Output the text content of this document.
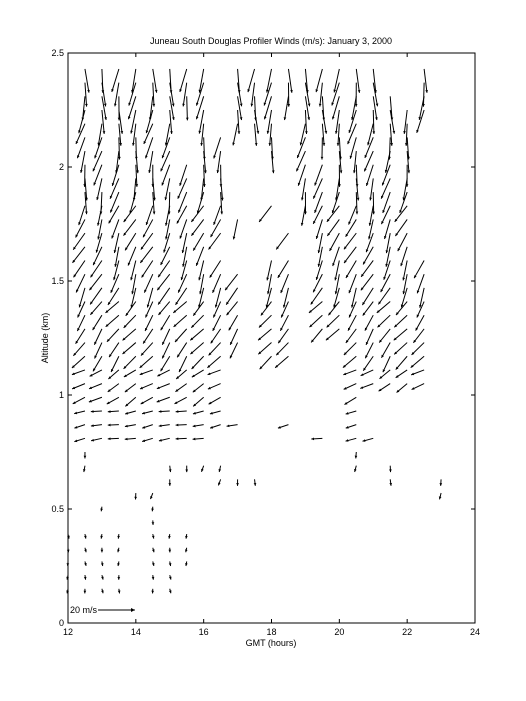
Juneau South Douglas Profiler Winds (m/s): January 3, 2000
12	14	16	18	20	22	24
0
0.5
1
1.5
2
2.5
20 m/s
GMT (hours)
Altitude (km)
